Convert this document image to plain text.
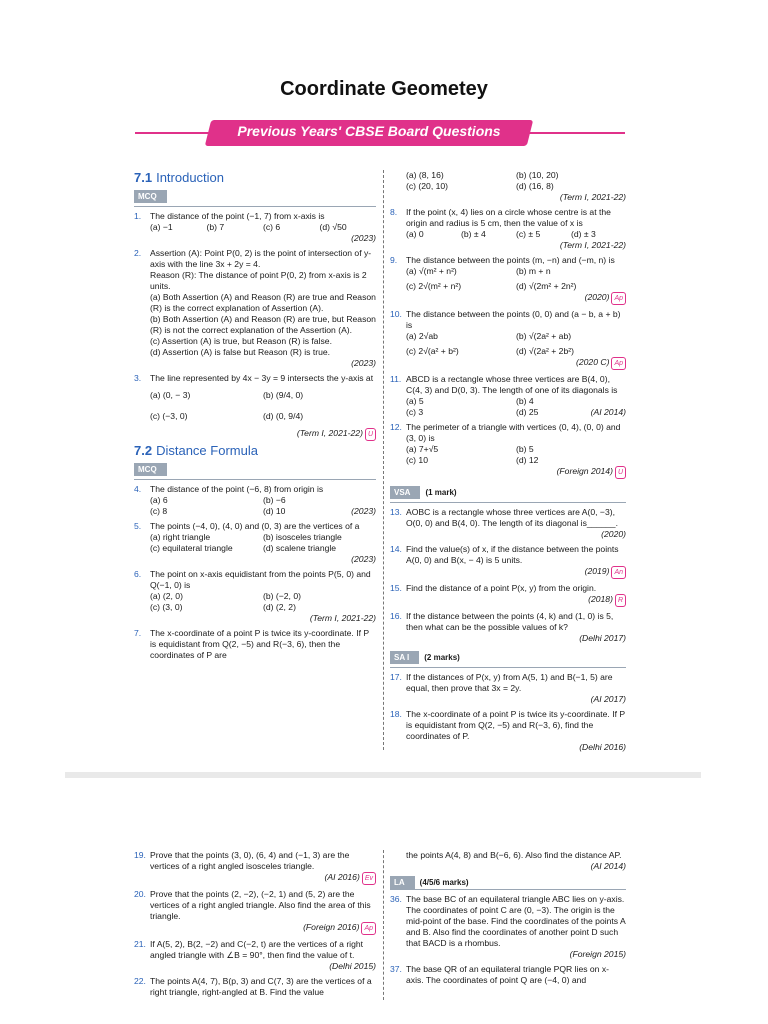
Coordinate Geometey
Previous Years' CBSE Board Questions
7.1 Introduction
MCQ
1.	The distance of the point (−1, 7) from x-axis is
(a) −1	(b) 7	(c) 6	(d) √50
(2023)
2.	Assertion (A): Point P(0, 2) is the point of intersection of y-axis with the line 3x + 2y = 4.
Reason (R): The distance of point P(0, 2) from x-axis is 2 units.
(a) Both Assertion (A) and Reason (R) are true and Reason (R) is the correct explanation of Assertion (A).
(b) Both Assertion (A) and Reason (R) are true, but Reason (R) is not the correct explanation of the Assertion (A).
(c) Assertion (A) is true, but Reason (R) is false.
(d) Assertion (A) is false but Reason (R) is true.
(2023)
3.	The line represented by 4x − 3y = 9 intersects the y-axis at
(a) (0, − 3)	(b) (9/4, 0)
(c) (−3, 0)	(d) (0, 9/4)
(Term I, 2021-22) U
7.2 Distance Formula
MCQ
4.	The distance of the point (−6, 8) from origin is
(a) 6	(b) −6
(c) 8	(d) 10	(2023)
5.	The points (−4, 0), (4, 0) and (0, 3) are the vertices of a
(a) right triangle	(b) isosceles triangle
(c) equilateral triangle	(d) scalene triangle
(2023)
6.	The point on x-axis equidistant from the points P(5, 0) and Q(−1, 0) is
(a) (2, 0)	(b) (−2, 0)
(c) (3, 0)	(d) (2, 2)
(Term I, 2021-22)
7.	The x-coordinate of a point P is twice its y-coordinate. If P is equidistant from Q(2, −5) and R(−3, 6), then the coordinates of P are
(a) (8, 16)	(b) (10, 20)
(c) (20, 10)	(d) (16, 8)
(Term I, 2021-22)
8.	If the point (x, 4) lies on a circle whose centre is at the origin and radius is 5 cm, then the value of x is
(a) 0	(b) ± 4	(c) ± 5	(d) ± 3
(Term I, 2021-22)
9.	The distance between the points (m, −n) and (−m, n) is
(a) √(m² + n²)	(b) m + n
(c) 2√(m² + n²)	(d) √(2m² + 2n²)
(2020) Ap
10. The distance between the points (0, 0) and (a − b, a + b) is
(a) 2√ab	(b) √(2a² + ab)
(c) 2√(a² + b²)	(d) √(2a² + 2b²)
(2020 C) Ap
11. ABCD is a rectangle whose three vertices are B(4, 0), C(4, 3) and D(0, 3). The length of one of its diagonals is
(a) 5	(b) 4
(c) 3	(d) 25	(AI 2014)
12. The perimeter of a triangle with vertices (0, 4), (0, 0) and (3, 0) is
(a) 7+√5	(b) 5
(c) 10	(d) 12
(Foreign 2014) U
VSA (1 mark)
13. AOBC is a rectangle whose three vertices are A(0, −3), O(0, 0) and B(4, 0). The length of its diagonal is______.
(2020)
14. Find the value(s) of x, if the distance between the points A(0, 0) and B(x, − 4) is 5 units.
(2019) An
15. Find the distance of a point P(x, y) from the origin.
(2018) R
16. If the distance between the points (4, k) and (1, 0) is 5, then what can be the possible values of k?
(Delhi 2017)
SA I (2 marks)
17. If the distances of P(x, y) from A(5, 1) and B(−1, 5) are equal, then prove that 3x = 2y.
(AI 2017)
18. The x-coordinate of a point P is twice its y-coordinate. If P is equidistant from Q(2, −5) and R(−3, 6), find the coordinates of P.
(Delhi 2016)
19. Prove that the points (3, 0), (6, 4) and (−1, 3) are the vertices of a right angled isosceles triangle.
(AI 2016) Ev
20. Prove that the points (2, −2), (−2, 1) and (5, 2) are the vertices of a right angled triangle. Also find the area of this triangle.
(Foreign 2016) Ap
21. If A(5, 2), B(2, −2) and C(−2, t) are the vertices of a right angled triangle with ∠B = 90°, then find the value of t.
(Delhi 2015)
22. The points A(4, 7), B(p, 3) and C(7, 3) are the vertices of a right triangle, right-angled at B. Find the value
the points A(4, 8) and B(−6, 6). Also find the distance AP.
(AI 2014)
LA (4/5/6 marks)
36. The base BC of an equilateral triangle ABC lies on y-axis. The coordinates of point C are (0, −3). The origin is the mid-point of the base. Find the coordinates of the points A and B. Also find the coordinates of another point D such that BACD is a rhombus.
(Foreign 2015)
37. The base QR of an equilateral triangle PQR lies on x-axis. The coordinates of point Q are (−4, 0) and
